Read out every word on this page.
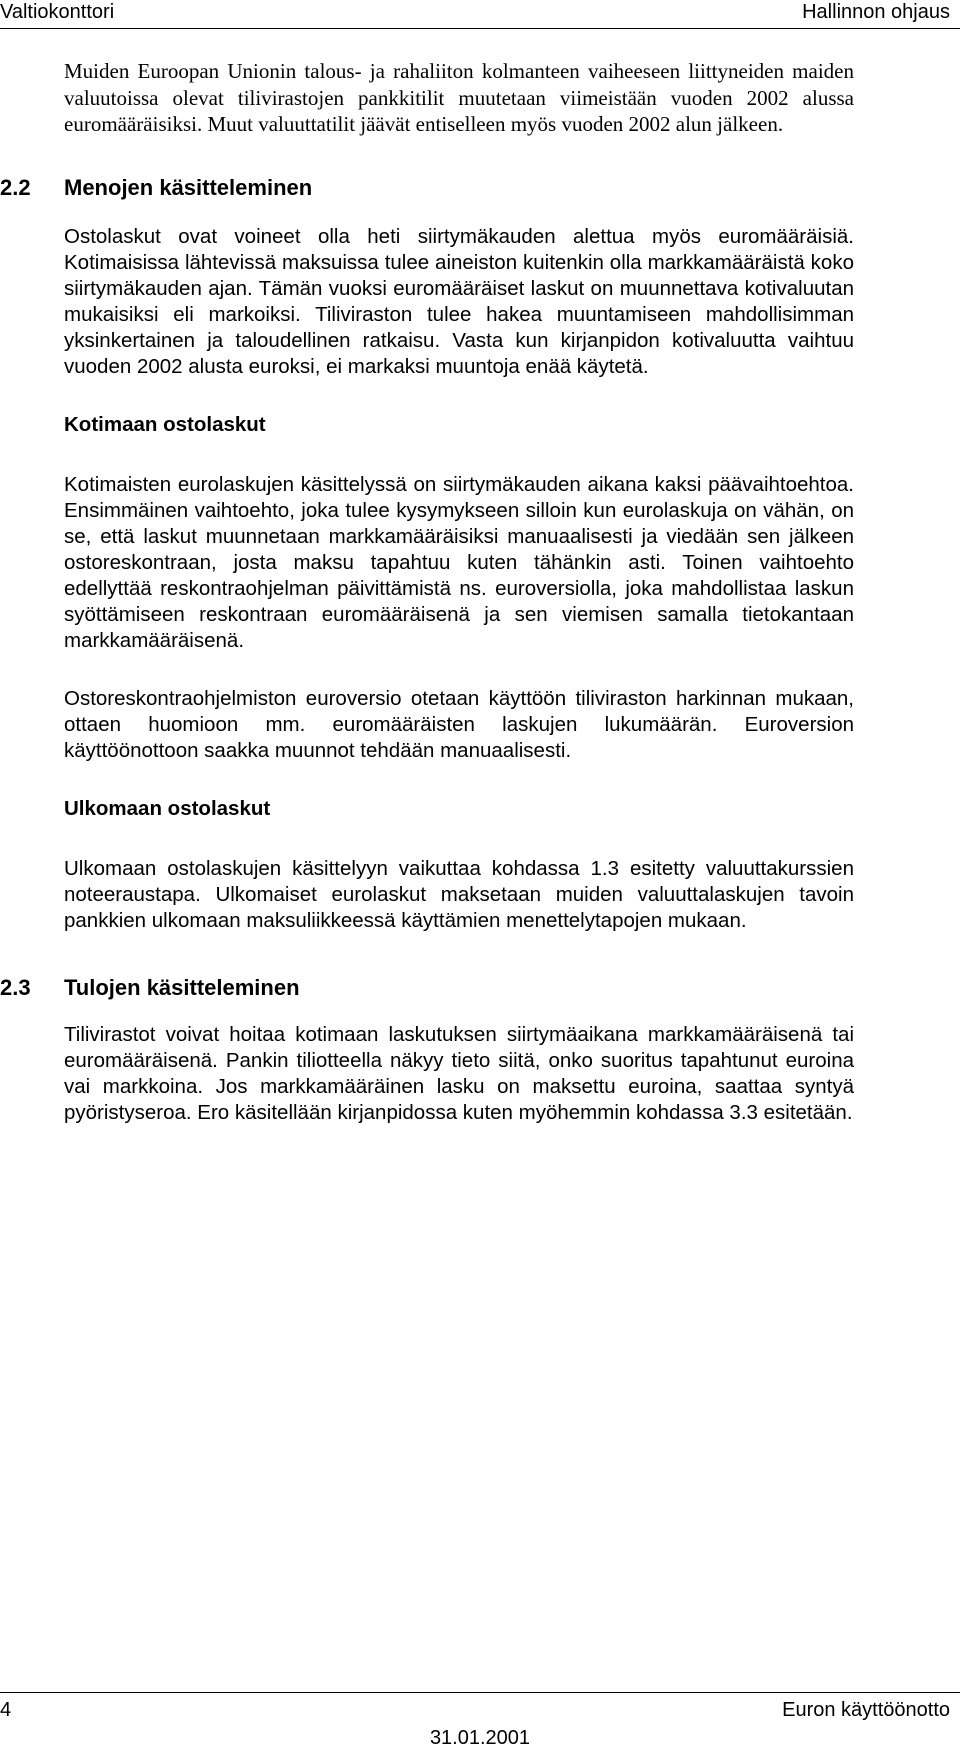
Valtiokonttori	Hallinnon ohjaus

Muiden Euroopan Unionin talous- ja rahaliiton kolmanteen vaiheeseen liittyneiden maiden valuutoissa olevat tilivirastojen pankkitilit muutetaan viimeistään vuoden 2002 alussa euromääräisiksi. Muut valuuttatilit jäävät entiselleen myös vuoden 2002 alun jälkeen.

2.2 Menojen käsitteleminen

Ostolaskut ovat voineet olla heti siirtymäkauden alettua myös euromääräisiä. Kotimaisissa lähtevissä maksuissa tulee aineiston kuitenkin olla markkamääräistä koko siirtymäkauden ajan. Tämän vuoksi euromääräiset laskut on muunnettava kotivaluutan mukaisiksi eli markoiksi. Tiliviraston tulee hakea muuntamiseen mahdollisimman yksinkertainen ja taloudellinen ratkaisu. Vasta kun kirjanpidon kotivaluutta vaihtuu vuoden 2002 alusta euroksi, ei markaksi muuntoja enää käytetä.

Kotimaan ostolaskut

Kotimaisten eurolaskujen käsittelyssä on siirtymäkauden aikana kaksi päävaihtoehtoa. Ensimmäinen vaihtoehto, joka tulee kysymykseen silloin kun eurolaskuja on vähän, on se, että laskut muunnetaan markkamääräisiksi manuaalisesti ja viedään sen jälkeen ostoreskontraan, josta maksu tapahtuu kuten tähänkin asti. Toinen vaihtoehto edellyttää reskontraohjelman päivittämistä ns. euroversiolla, joka mahdollistaa laskun syöttämiseen reskontraan euromääräisenä ja sen viemisen samalla tietokantaan markkamääräisenä.

Ostoreskontraohjelmiston euroversio otetaan käyttöön tiliviraston harkinnan mukaan, ottaen huomioon mm. euromääräisten laskujen lukumäärän. Euroversion käyttöönottoon saakka muunnot tehdään manuaalisesti.

Ulkomaan ostolaskut

Ulkomaan ostolaskujen käsittelyyn vaikuttaa kohdassa 1.3 esitetty valuuttakurssien noteeraustapa. Ulkomaiset eurolaskut maksetaan muiden valuuttalaskujen tavoin pankkien ulkomaan maksuliikkeessä käyttämien menettelytapojen mukaan.

2.3 Tulojen käsitteleminen

Tilivirastot voivat hoitaa kotimaan laskutuksen siirtymäaikana markkamääräisenä tai euromääräisenä. Pankin tiliotteella näkyy tieto siitä, onko suoritus tapahtunut euroina vai markkoina. Jos markkamääräinen lasku on maksettu euroina, saattaa syntyä pyöristyseroa. Ero käsitellään kirjanpidossa kuten myöhemmin kohdassa 3.3 esitetään.

4	Euron käyttöönotto
31.01.2001
